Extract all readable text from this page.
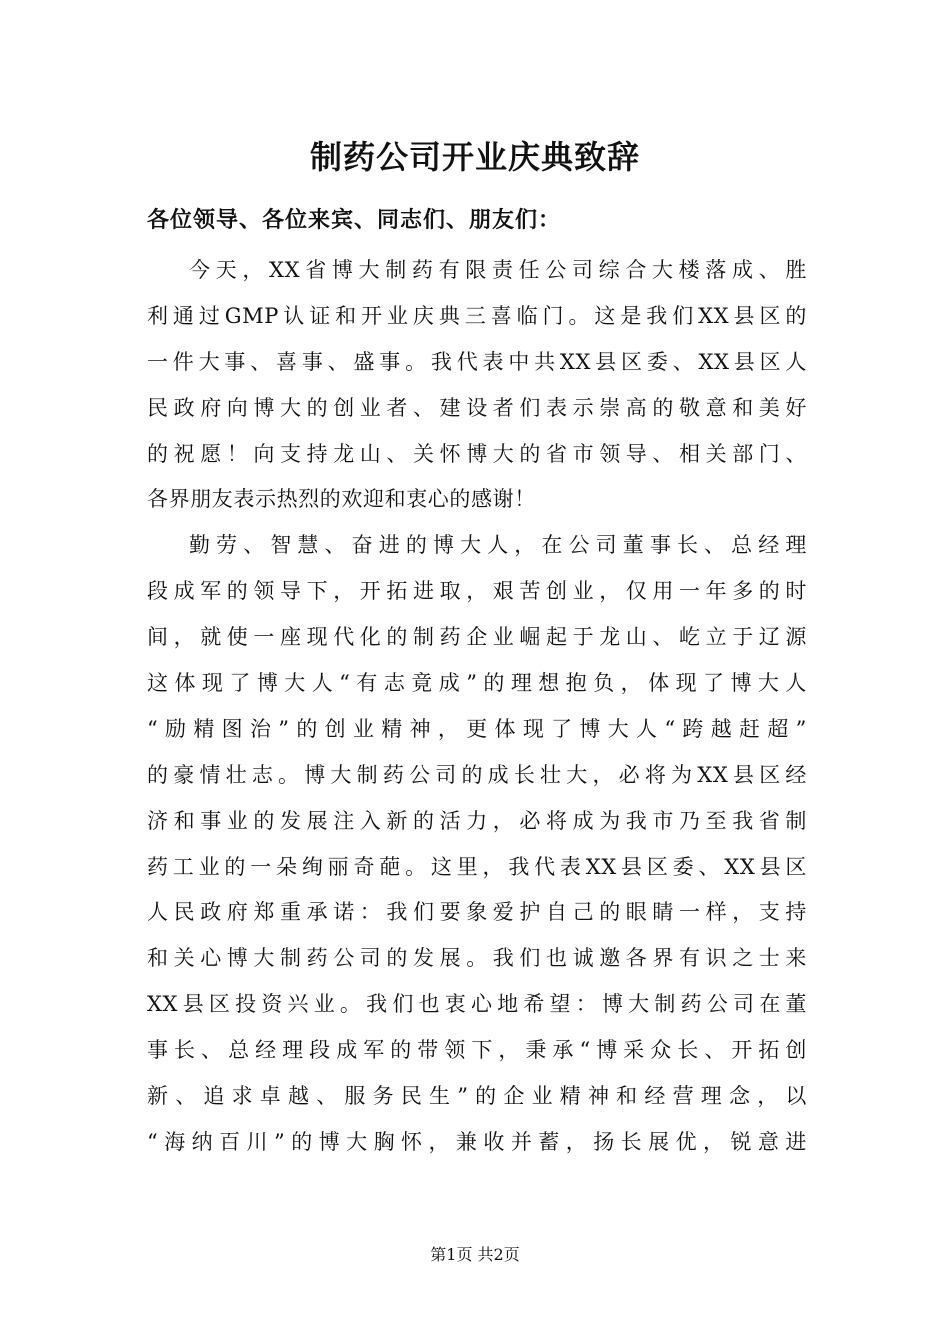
制药公司开业庆典致辞
各位领导、各位来宾、同志们、朋友们：
今天，XX省博大制药有限责任公司综合大楼落成、胜
利通过GMP认证和开业庆典三喜临门。这是我们XX县区的
一件大事、喜事、盛事。我代表中共XX县区委、XX县区人
民政府向博大的创业者、建设者们表示崇高的敬意和美好
的祝愿！向支持龙山、关怀博大的省市领导、相关部门、
各界朋友表示热烈的欢迎和衷心的感谢！
勤劳、智慧、奋进的博大人，在公司董事长、总经理
段成军的领导下，开拓进取，艰苦创业，仅用一年多的时
间，就使一座现代化的制药企业崛起于龙山、屹立于辽源
这体现了博大人“有志竟成”的理想抱负，体现了博大人
“励精图治”的创业精神，更体现了博大人“跨越赶超”
的豪情壮志。博大制药公司的成长壮大，必将为XX县区经
济和事业的发展注入新的活力，必将成为我市乃至我省制
药工业的一朵绚丽奇葩。这里，我代表XX县区委、XX县区
人民政府郑重承诺：我们要象爱护自己的眼睛一样，支持
和关心博大制药公司的发展。我们也诚邀各界有识之士来
XX县区投资兴业。我们也衷心地希望：博大制药公司在董
事长、总经理段成军的带领下，秉承“博采众长、开拓创
新、追求卓越、服务民生”的企业精神和经营理念，以
“海纳百川”的博大胸怀，兼收并蓄，扬长展优，锐意进
第1页 共2页
